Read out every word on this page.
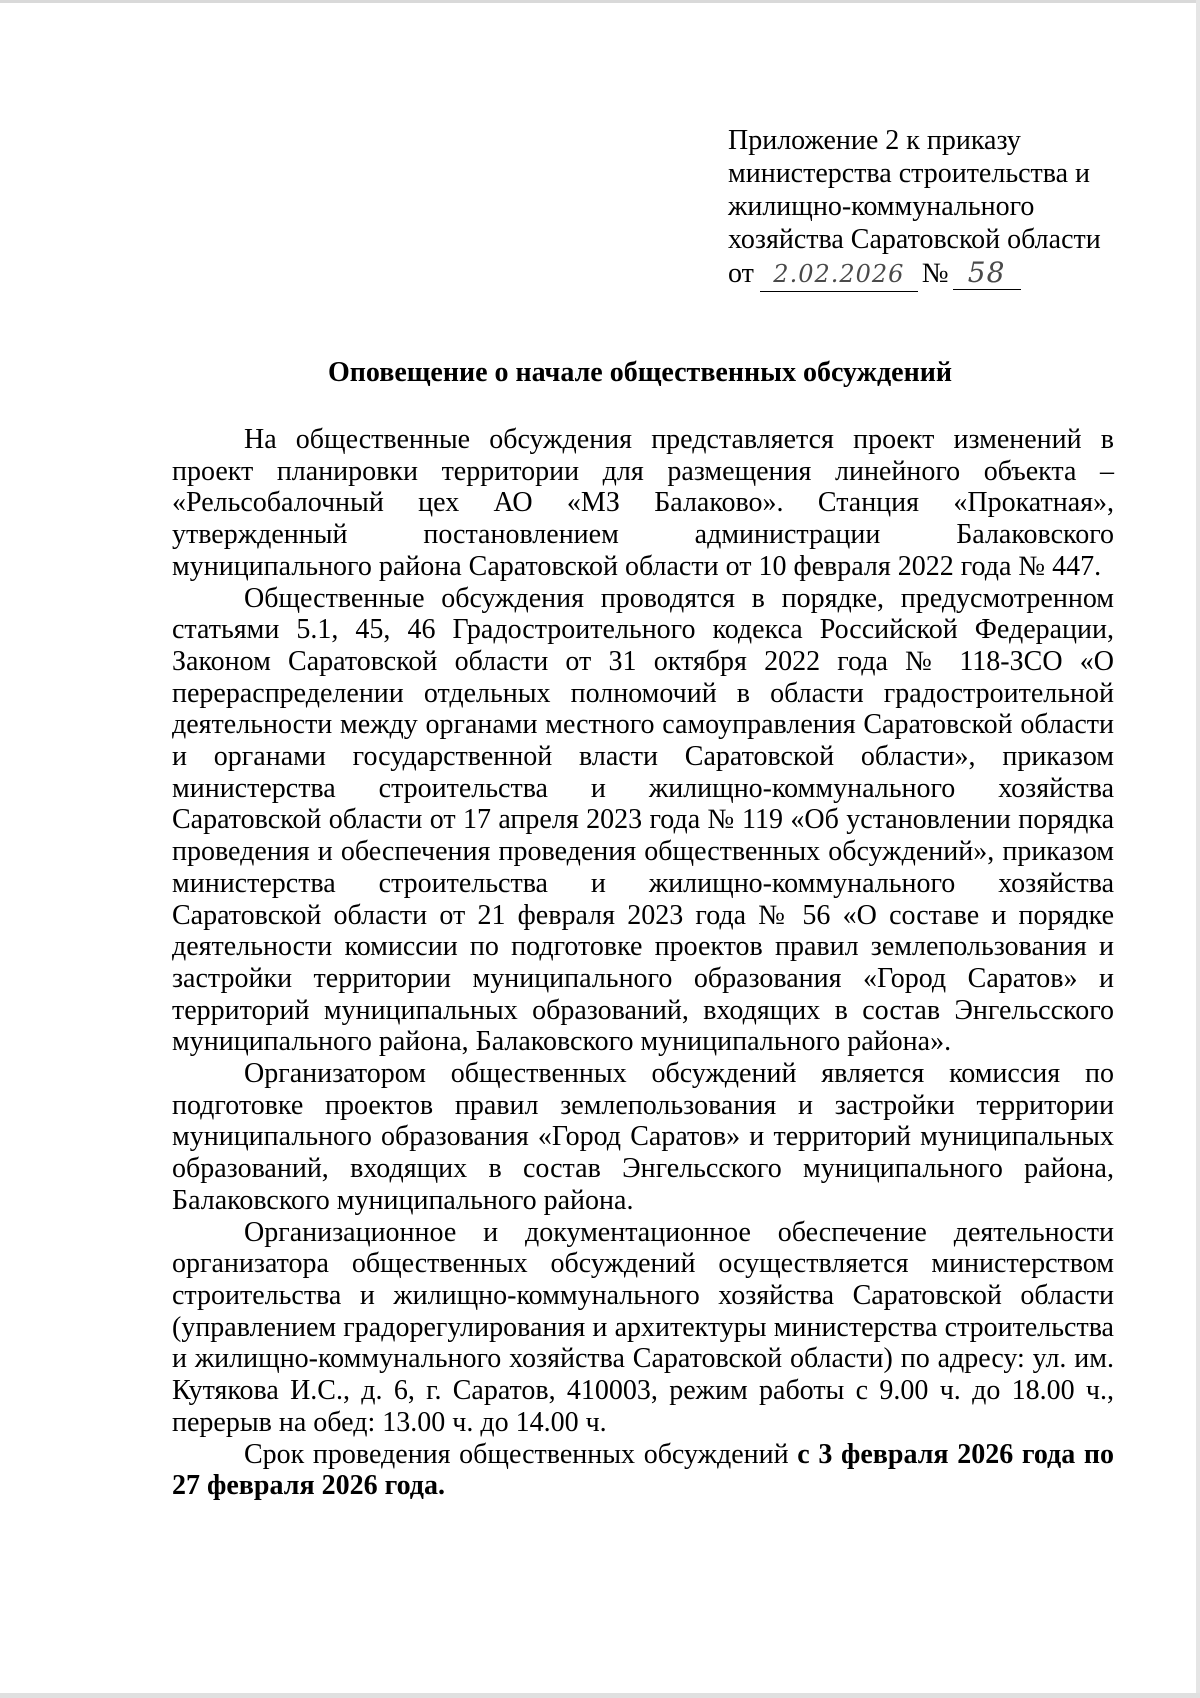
Приложение 2 к приказу
министерства строительства и
жилищно-коммунального
хозяйства Саратовской области
от 2.02.2026 № 58
Оповещение о начале общественных обсуждений

На общественные обсуждения представляется проект изменений в проект планировки территории для размещения линейного объекта – «Рельсобалочный цех АО «МЗ Балаково». Станция «Прокатная», утвержденный постановлением администрации Балаковского муниципального района Саратовской области от 10 февраля 2022 года № 447.

Общественные обсуждения проводятся в порядке, предусмотренном статьями 5.1, 45, 46 Градостроительного кодекса Российской Федерации, Законом Саратовской области от 31 октября 2022 года № 118-ЗСО «О перераспределении отдельных полномочий в области градостроительной деятельности между органами местного самоуправления Саратовской области и органами государственной власти Саратовской области», приказом министерства строительства и жилищно-коммунального хозяйства Саратовской области от 17 апреля 2023 года № 119 «Об установлении порядка проведения и обеспечения проведения общественных обсуждений», приказом министерства строительства и жилищно-коммунального хозяйства Саратовской области от 21 февраля 2023 года № 56 «О составе и порядке деятельности комиссии по подготовке проектов правил землепользования и застройки территории муниципального образования «Город Саратов» и территорий муниципальных образований, входящих в состав Энгельсского муниципального района, Балаковского муниципального района».

Организатором общественных обсуждений является комиссия по подготовке проектов правил землепользования и застройки территории муниципального образования «Город Саратов» и территорий муниципальных образований, входящих в состав Энгельсского муниципального района, Балаковского муниципального района.

Организационное и документационное обеспечение деятельности организатора общественных обсуждений осуществляется министерством строительства и жилищно-коммунального хозяйства Саратовской области (управлением градорегулирования и архитектуры министерства строительства и жилищно-коммунального хозяйства Саратовской области) по адресу: ул. им. Кутякова И.С., д. 6, г. Саратов, 410003, режим работы с 9.00 ч. до 18.00 ч., перерыв на обед: 13.00 ч. до 14.00 ч.

Срок проведения общественных обсуждений с 3 февраля 2026 года по 27 февраля 2026 года.
